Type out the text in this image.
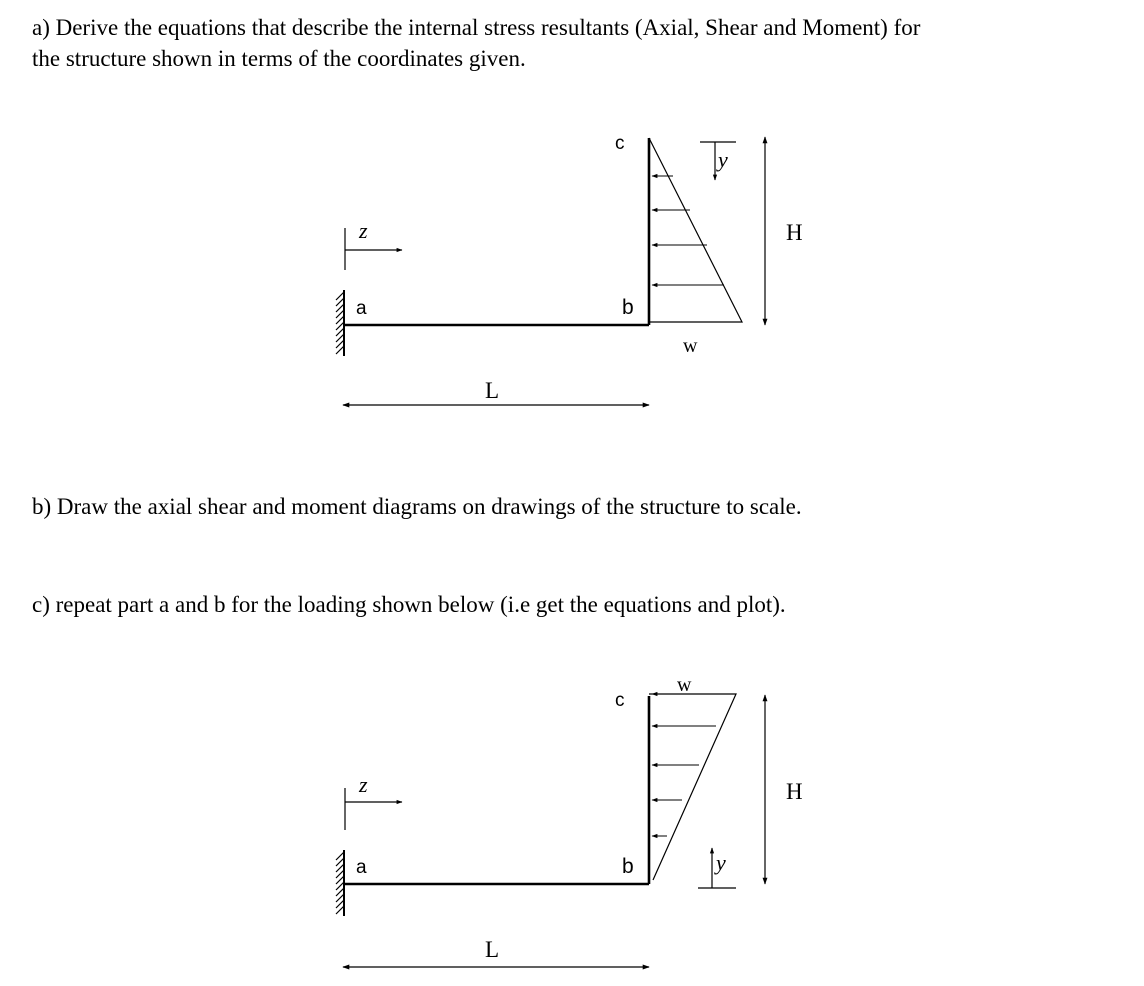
a) Derive the equations that describe the internal stress resultants (Axial, Shear and Moment) for
the structure shown in terms of the coordinates given.
z
a	b
c
y
w
H
L
b) Draw the axial shear and moment diagrams on drawings of the structure to scale.
c) repeat part a and b for the loading shown below (i.e get the equations and plot).
z
a	b
c
w
y
H
L
